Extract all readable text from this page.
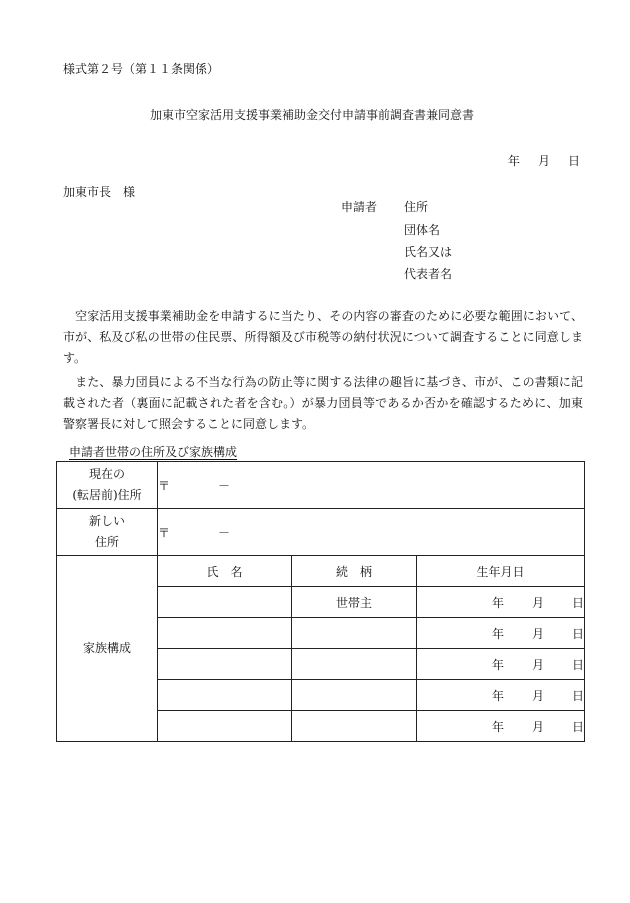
様式第２号（第１１条関係）
加東市空家活用支援事業補助金交付申請事前調査書兼同意書
年 月 日
加東市長　様
申請者 住所
団体名
氏名又は
代表者名

　空家活用支援事業補助金を申請するに当たり、その内容の審査のために必要な範囲において、市が、私及び私の世帯の住民票、所得額及び市税等の納付状況について調査することに同意します。

　また、暴力団員による不当な行為の防止等に関する法律の趣旨に基づき、市が、この書類に記載された者（裏面に記載された者を含む。）が暴力団員等であるか否かを確認するために、加東警察署長に対して照会することに同意します。

申請者世帯の住所及び家族構成
現在の
(転居前)住所	〒 －		

新しい
住所	〒 －		
家族構成	氏　名	続　柄	生年月日
		世帯主	年 月 日
			年 月 日
			年 月 日
			年 月 日
			年 月 日
